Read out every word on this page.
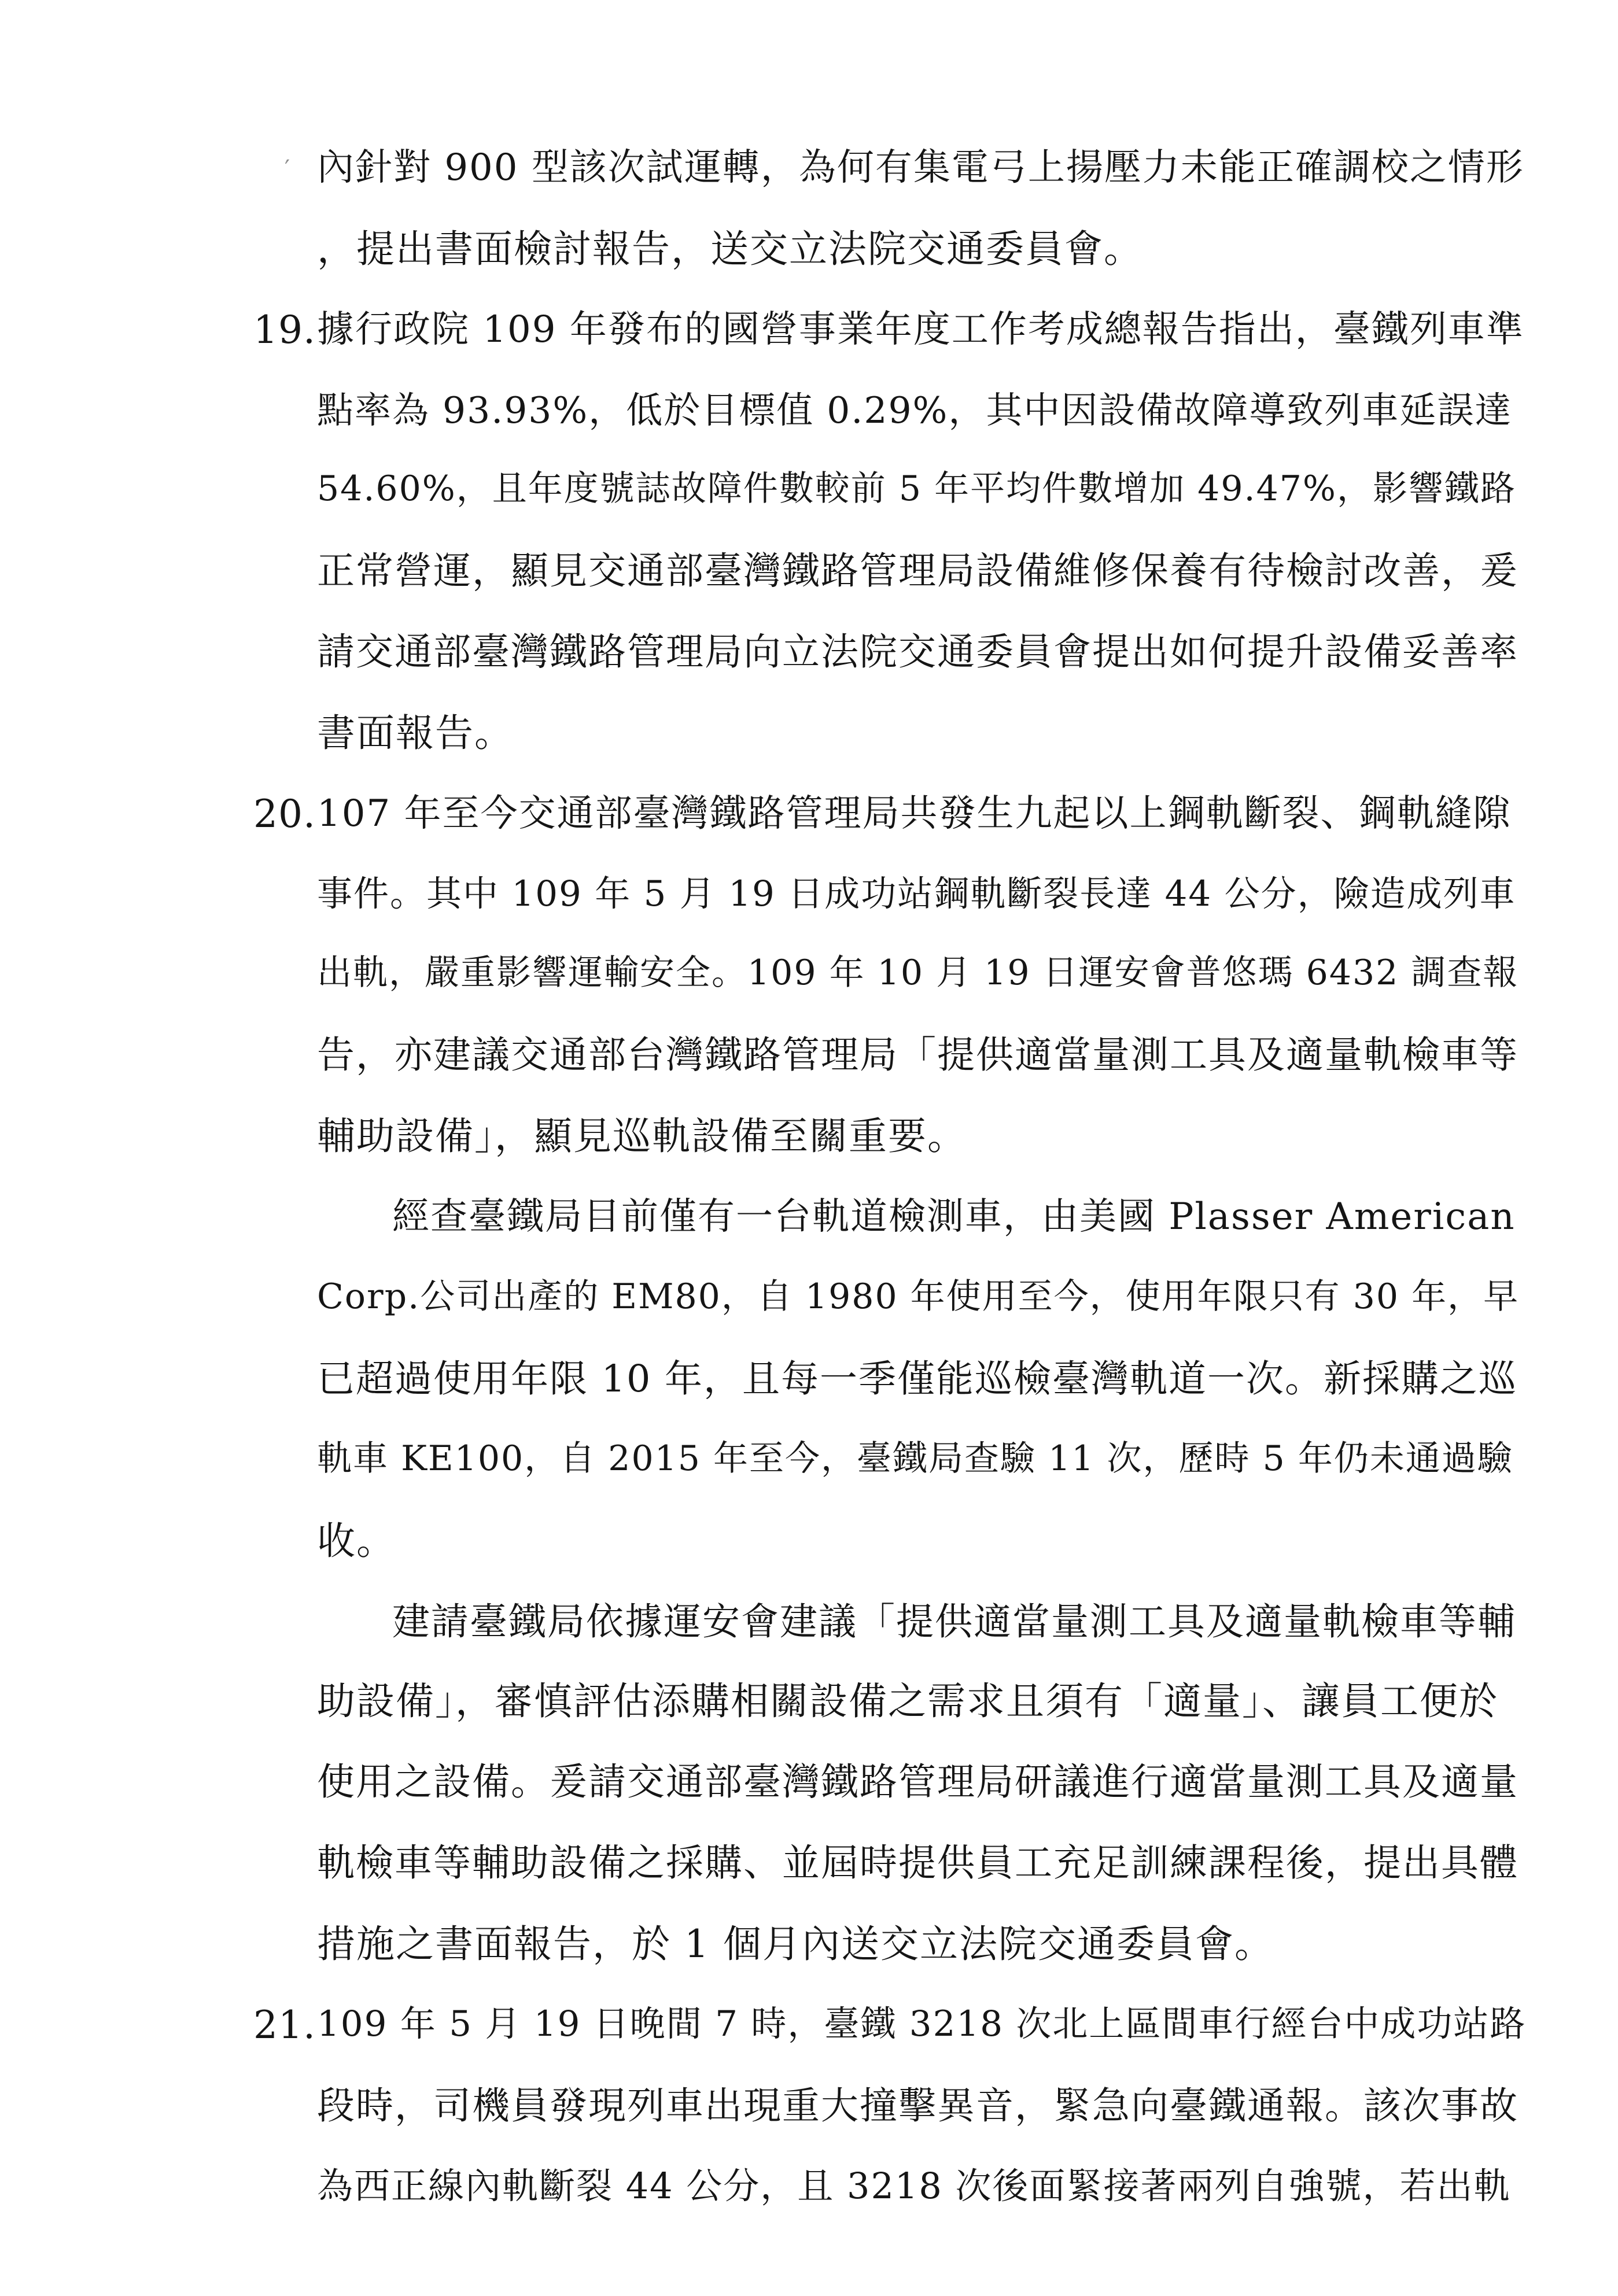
′ 內針對 900 型該次試運轉，為何有集電弓上揚壓力未能正確調校之情形
，提出書面檢討報告，送交立法院交通委員會。
19. 據行政院 109 年發布的國營事業年度工作考成總報告指出，臺鐵列車準
點率為 93.93%，低於目標值 0.29%，其中因設備故障導致列車延誤達
54.60%，且年度號誌故障件數較前 5 年平均件數增加 49.47%，影響鐵路
正常營運，顯見交通部臺灣鐵路管理局設備維修保養有待檢討改善，爰
請交通部臺灣鐵路管理局向立法院交通委員會提出如何提升設備妥善率
書面報告。
20. 107 年至今交通部臺灣鐵路管理局共發生九起以上鋼軌斷裂、鋼軌縫隙
事件。其中 109 年 5 月 19 日成功站鋼軌斷裂長達 44 公分，險造成列車
出軌，嚴重影響運輸安全。109 年 10 月 19 日運安會普悠瑪 6432 調查報
告，亦建議交通部台灣鐵路管理局「提供適當量測工具及適量軌檢車等
輔助設備」，顯見巡軌設備至關重要。
經查臺鐵局目前僅有一台軌道檢測車，由美國 Plasser American
Corp.公司出產的 EM80，自 1980 年使用至今，使用年限只有 30 年，早
已超過使用年限 10 年，且每一季僅能巡檢臺灣軌道一次。新採購之巡
軌車 KE100，自 2015 年至今，臺鐵局查驗 11 次，歷時 5 年仍未通過驗
收。
建請臺鐵局依據運安會建議「提供適當量測工具及適量軌檢車等輔
助設備」，審慎評估添購相關設備之需求且須有「適量」、讓員工便於
使用之設備。爰請交通部臺灣鐵路管理局研議進行適當量測工具及適量
軌檢車等輔助設備之採購、並屆時提供員工充足訓練課程後，提出具體
措施之書面報告，於 1 個月內送交立法院交通委員會。
21. 109 年 5 月 19 日晚間 7 時，臺鐵 3218 次北上區間車行經台中成功站路
段時，司機員發現列車出現重大撞擊異音，緊急向臺鐵通報。該次事故
為西正線內軌斷裂 44 公分，且 3218 次後面緊接著兩列自強號，若出軌
